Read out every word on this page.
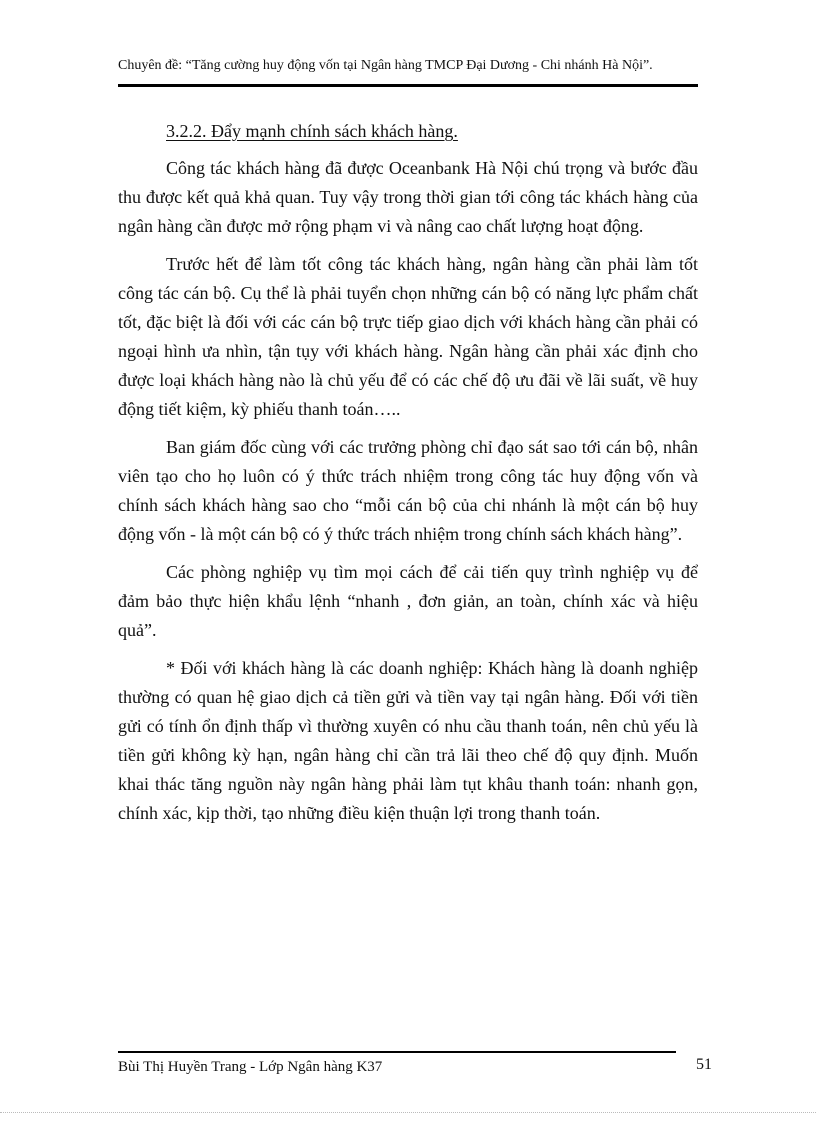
Chuyên đề: “Tăng cường huy động vốn tại Ngân hàng TMCP Đại Dương - Chi nhánh Hà Nội”.

3.2.2. Đẩy mạnh chính sách khách hàng.

Công tác khách hàng đã được Oceanbank Hà Nội chú trọng và bước đầu thu được kết quả khả quan. Tuy vậy trong thời gian tới công tác khách hàng của ngân hàng cần được mở rộng phạm vi và nâng cao chất lượng hoạt động.

Trước hết để làm tốt công tác khách hàng, ngân hàng cần phải làm tốt công tác cán bộ. Cụ thể là phải tuyển chọn những cán bộ có năng lực phẩm chất tốt, đặc biệt là đối với các cán bộ trực tiếp giao dịch với khách hàng cần phải có ngoại hình ưa nhìn, tận tụy với khách hàng. Ngân hàng cần phải xác định cho được loại khách hàng nào là chủ yếu để có các chế độ ưu đãi về lãi suất, về huy động tiết kiệm, kỳ phiếu thanh toán…..

Ban giám đốc cùng với các trưởng phòng chỉ đạo sát sao tới cán bộ, nhân viên tạo cho họ luôn có ý thức trách nhiệm trong công tác huy động vốn và chính sách khách hàng sao cho “mỗi cán bộ của chi nhánh là một cán bộ huy động vốn - là một cán bộ có ý thức trách nhiệm trong chính sách khách hàng”.

Các phòng nghiệp vụ tìm mọi cách để cải tiến quy trình nghiệp vụ để đảm bảo thực hiện khẩu lệnh “nhanh , đơn giản, an toàn, chính xác và hiệu quả”.

* Đối với khách hàng là các doanh nghiệp: Khách hàng là doanh nghiệp thường có quan hệ giao dịch cả tiền gửi và tiền vay tại ngân hàng. Đối với tiền gửi có tính ổn định thấp vì thường xuyên có nhu cầu thanh toán, nên chủ yếu là tiền gửi không kỳ hạn, ngân hàng chỉ cần trả lãi theo chế độ quy định. Muốn khai thác tăng nguồn này ngân hàng phải làm tụt khâu thanh toán: nhanh gọn, chính xác, kịp thời, tạo những điều kiện thuận lợi trong thanh toán.

Bùi Thị Huyền Trang - Lớp Ngân hàng K37	51
